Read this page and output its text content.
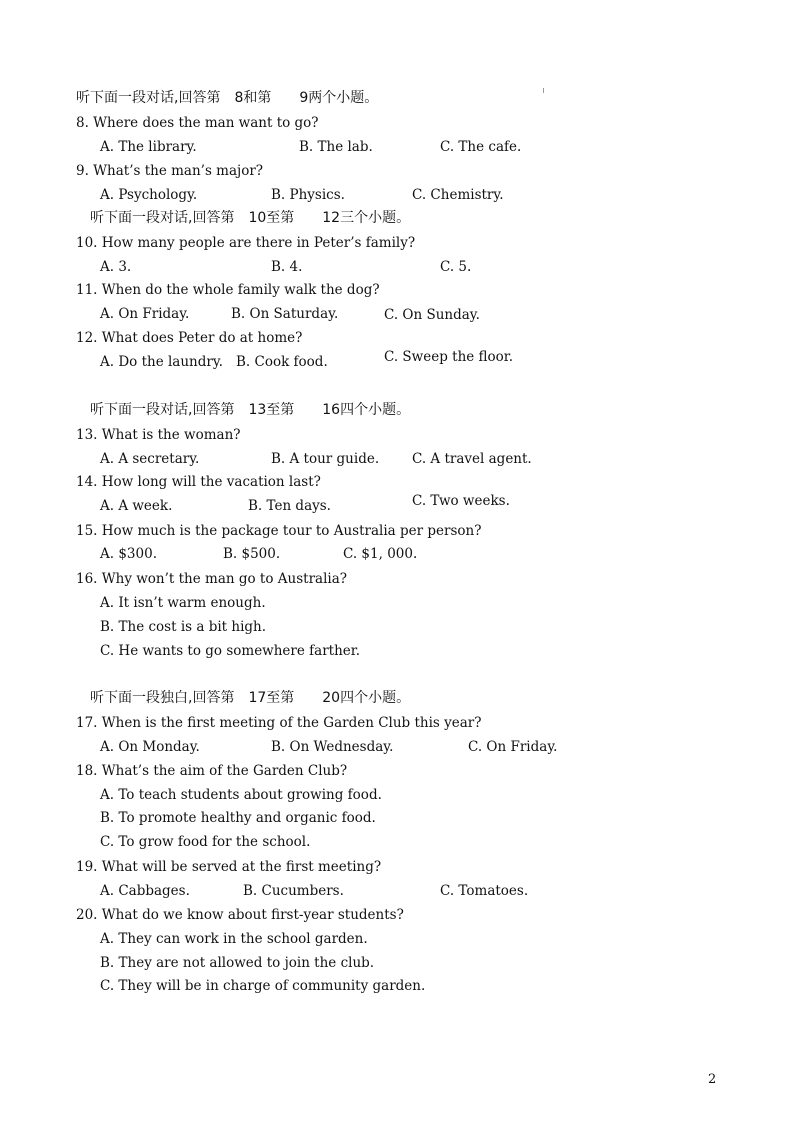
听下面一段对话,回答第　8和第　　9两个小题。
8. Where does the man want to go?
A. The library.	B. The lab.	C. The cafe.
9. What’s the man’s major?
A. Psychology.	B. Physics.	C. Chemistry.
听下面一段对话,回答第　10至第　　12三个小题。
10. How many people are there in Peter’s family?
A. 3.	B. 4.	C. 5.
11. When do the whole family walk the dog?
A. On Friday.	B. On Saturday.	C. On Sunday.
12. What does Peter do at home?
A. Do the laundry. B. Cook food.	C. Sweep the floor.
听下面一段对话,回答第　13至第　　16四个小题。
13. What is the woman?
A. A secretary.	B. A tour guide. C. A travel agent.
14. How long will the vacation last?
A. A week.	B. Ten days.	C. Two weeks.
15. How much is the package tour to Australia per person?
A. $300.	B. $500.	C. $1, 000.
16. Why won’t the man go to Australia?
A. It isn’t warm enough.
B. The cost is a bit high.
C. He wants to go somewhere farther.
听下面一段独白,回答第　17至第　　20四个小题。
17. When is the first meeting of the Garden Club this year?
A. On Monday.	B. On Wednesday.	C. On Friday.
18. What’s the aim of the Garden Club?
A. To teach students about growing food.
B. To promote healthy and organic food.
C. To grow food for the school.
19. What will be served at the first meeting?
A. Cabbages.	B. Cucumbers.	C. Tomatoes.
20. What do we know about first-year students?
A. They can work in the school garden.
B. They are not allowed to join the club.
C. They will be in charge of community garden.
2
